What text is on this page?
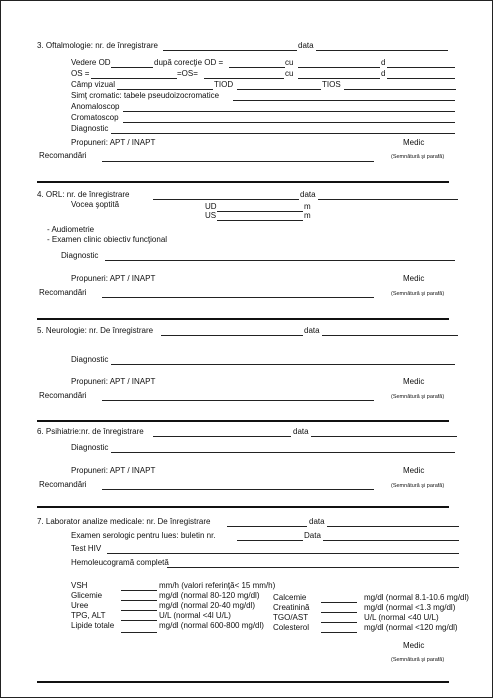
3. Oftalmologie: nr. de înregistrare	data
Vedere OD	după corecţie OD =	cu	d
OS =	=OS=	cu	d
Câmp vizual	TIOD	TIOS
Simţ cromatic: tabele pseudoizocromatice
Anomaloscop
Cromatoscop
Diagnostic
Propuneri: APT / INAPT	Medic
Recomandări	(Semnătură şi parafă)
4. ORL: nr. de înregistrare	data
Vocea şoptită	UD	m
US	m
- Audiometrie
- Examen clinic obiectiv funcţional
Diagnostic
Propuneri: APT / INAPT	Medic
Recomandări	(Semnătură şi parafă)
5. Neurologie: nr. De înregistrare	data
Diagnostic
Propuneri: APT / INAPT	Medic
Recomandări	(Semnătură şi parafă)
6. Psihiatrie:nr. de înregistrare	data
Diagnostic
Propuneri: APT / INAPT	Medic
Recomandări	(Semnătură şi parafă)
7. Laborator analize medicale: nr. De înregistrare	data
Examen serologic pentru lues: buletin nr.	Data
Test HIV
Hemoleucogramă completă
VSH	mm/h (valori referinţă< 15 mm/h)
Glicemie	mg/dl (normal 80-120 mg/dl)
Uree	mg/dl (normal 20-40 mg/dl)
TPG, ALT	U/L (normal <4l U/L)
Lipide totale	mg/dl (normal 600-800 mg/dl)
Calcemie	mg/dl (normal 8.1-10.6 mg/dl)
Creatinină	mg/dl (normal <1.3 mg/dl)
TGO/AST	U/L (normal <40 U/L)
Colesterol	mg/dl (normal <120 mg/dl)
Medic
(Semnătură şi parafă)
